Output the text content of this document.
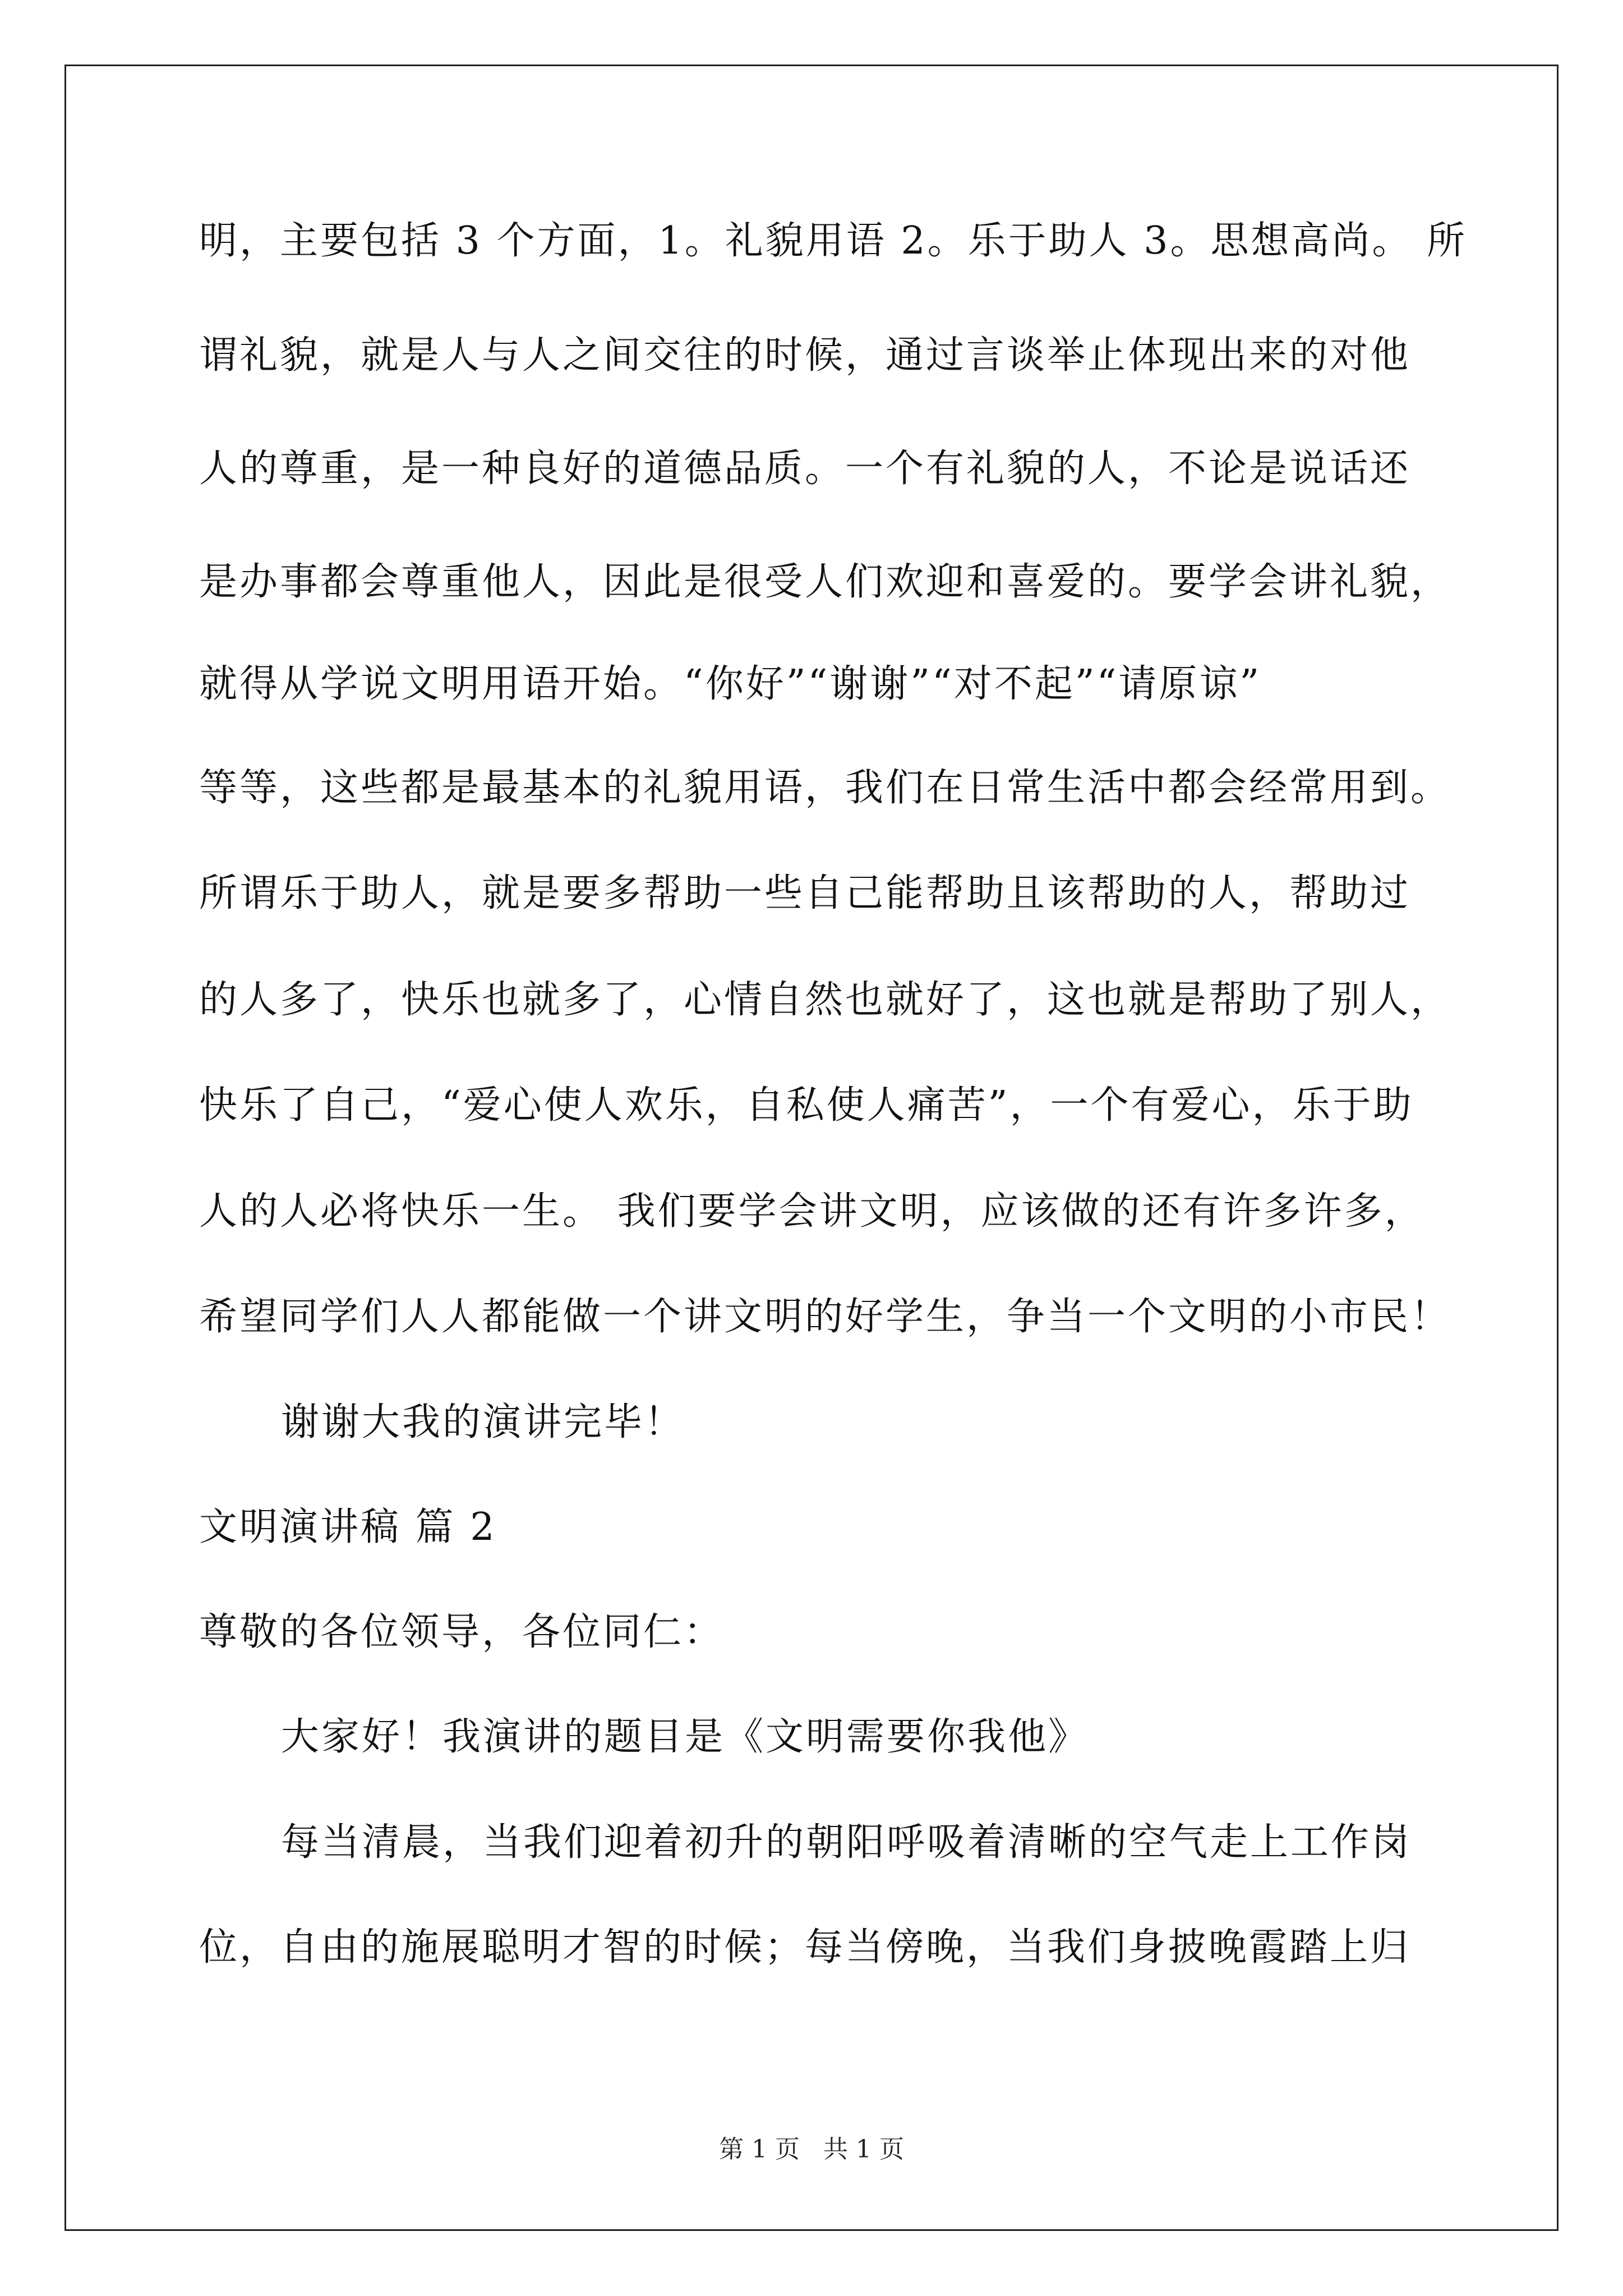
明，主要包括 3 个方面，1。礼貌用语 2。乐于助人 3。思想高尚。 所
谓礼貌，就是人与人之间交往的时候，通过言谈举止体现出来的对他
人的尊重，是一种良好的道德品质。一个有礼貌的人，不论是说话还
是办事都会尊重他人，因此是很受人们欢迎和喜爱的。要学会讲礼貌，
就得从学说文明用语开始。“你好”“谢谢”“对不起”“请原谅”
等等，这些都是最基本的礼貌用语，我们在日常生活中都会经常用到。
所谓乐于助人，就是要多帮助一些自己能帮助且该帮助的人，帮助过
的人多了，快乐也就多了，心情自然也就好了，这也就是帮助了别人，
快乐了自己，“爱心使人欢乐，自私使人痛苦”，一个有爱心，乐于助
人的人必将快乐一生。 我们要学会讲文明，应该做的还有许多许多，
希望同学们人人都能做一个讲文明的好学生，争当一个文明的小市民！
谢谢大我的演讲完毕！
文明演讲稿 篇 2
尊敬的各位领导，各位同仁：
大家好！我演讲的题目是《文明需要你我他》
每当清晨，当我们迎着初升的朝阳呼吸着清晰的空气走上工作岗
位，自由的施展聪明才智的时候；每当傍晚，当我们身披晚霞踏上归
第 1 页   共 1 页
